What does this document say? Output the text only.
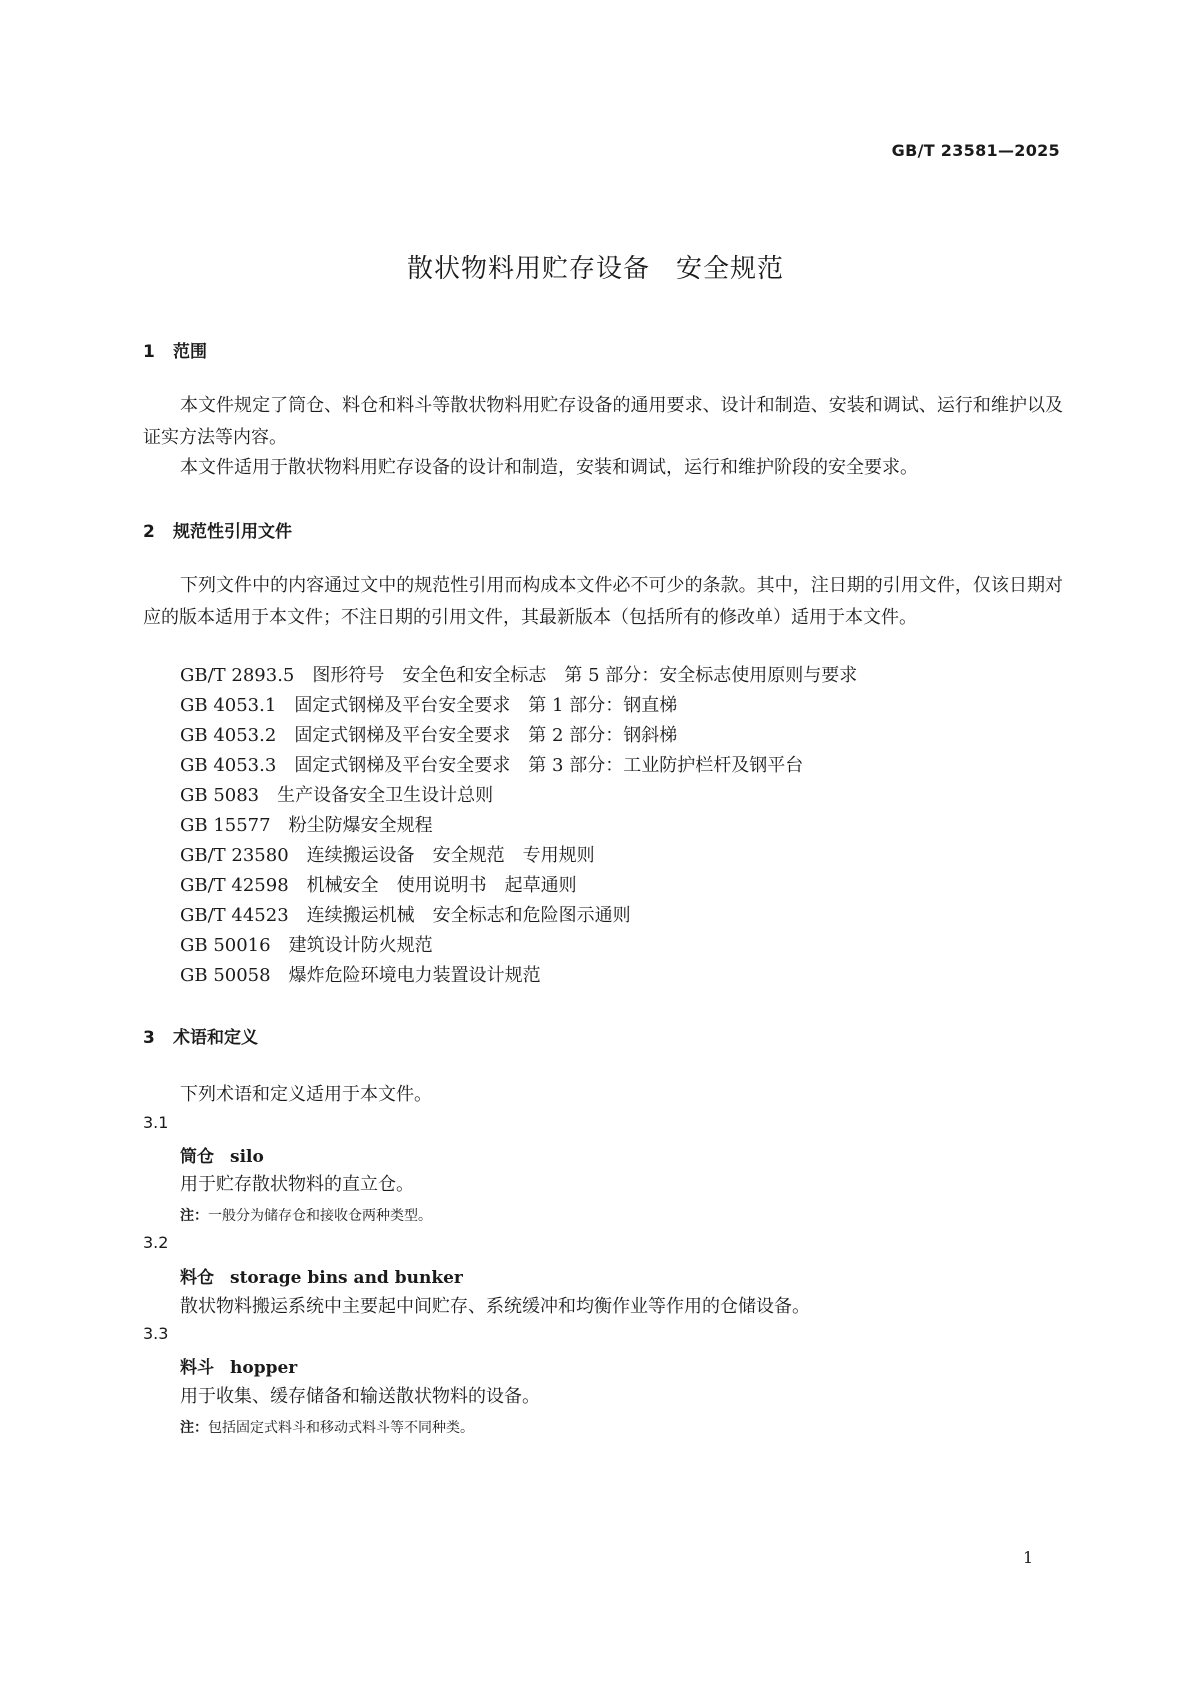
GB/T 23581—2025
散状物料用贮存设备 安全规范
1 范围
本文件规定了筒仓、料仓和料斗等散状物料用贮存设备的通用要求、设计和制造、安装和调试、运行和维护以及证实方法等内容。
本文件适用于散状物料用贮存设备的设计和制造，安装和调试，运行和维护阶段的安全要求。
2 规范性引用文件
下列文件中的内容通过文中的规范性引用而构成本文件必不可少的条款。其中，注日期的引用文件，仅该日期对应的版本适用于本文件；不注日期的引用文件，其最新版本（包括所有的修改单）适用于本文件。
GB/T 2893.5 图形符号　安全色和安全标志　第 5 部分：安全标志使用原则与要求
GB 4053.1 固定式钢梯及平台安全要求　第 1 部分：钢直梯
GB 4053.2 固定式钢梯及平台安全要求　第 2 部分：钢斜梯
GB 4053.3 固定式钢梯及平台安全要求　第 3 部分：工业防护栏杆及钢平台
GB 5083 生产设备安全卫生设计总则
GB 15577 粉尘防爆安全规程
GB/T 23580 连续搬运设备　安全规范　专用规则
GB/T 42598 机械安全　使用说明书　起草通则
GB/T 44523 连续搬运机械　安全标志和危险图示通则
GB 50016 建筑设计防火规范
GB 50058 爆炸危险环境电力装置设计规范
3 术语和定义
下列术语和定义适用于本文件。
3.1
筒仓 silo
用于贮存散状物料的直立仓。
注：一般分为储存仓和接收仓两种类型。
3.2
料仓 storage bins and bunker
散状物料搬运系统中主要起中间贮存、系统缓冲和均衡作业等作用的仓储设备。
3.3
料斗 hopper
用于收集、缓存储备和输送散状物料的设备。
注：包括固定式料斗和移动式料斗等不同种类。
1
